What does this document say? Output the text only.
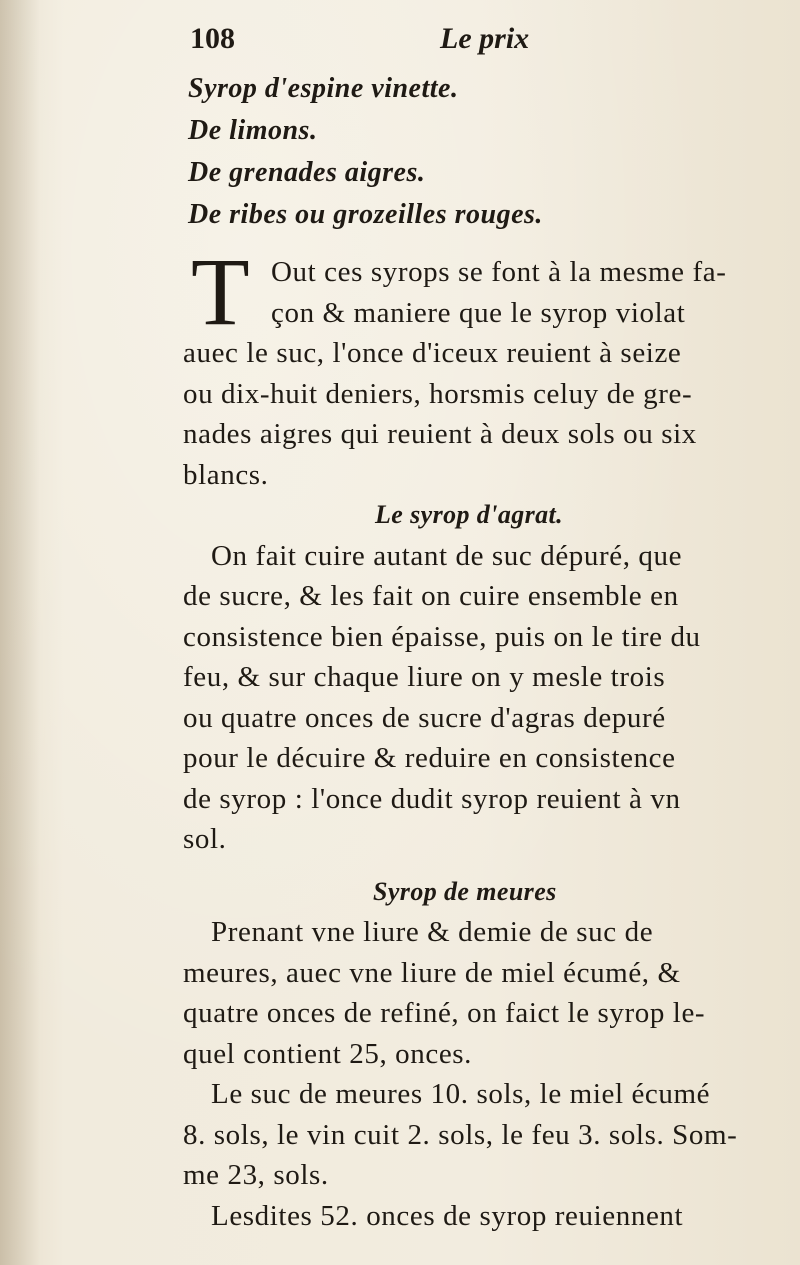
108	Le prix
Syrop d'espine vinette.
De limons.
De grenades aigres.
De ribes ou grozeilles rouges.
T Out ces syrops se font à la mesme fa-
çon & maniere que le syrop violat
auec le suc, l'once d'iceux reuient à seize
ou dix-huit deniers, horsmis celuy de gre-
nades aigres qui reuient à deux sols ou six
blancs.
Le syrop d'agrat.
On fait cuire autant de suc dépuré, que
de sucre, & les fait on cuire ensemble en
consistence bien épaisse, puis on le tire du
feu, & sur chaque liure on y mesle trois
ou quatre onces de sucre d'agras depuré
pour le décuire & reduire en consistence
de syrop : l'once dudit syrop reuient à vn
sol.
Syrop de meures
Prenant vne liure & demie de suc de
meures, auec vne liure de miel écumé, &
quatre onces de refiné, on faict le syrop le-
quel contient 25, onces.
Le suc de meures 10. sols, le miel écumé
8. sols, le vin cuit 2. sols, le feu 3. sols. Som-
me 23, sols.
Lesdites 52. onces de syrop reuiennent
